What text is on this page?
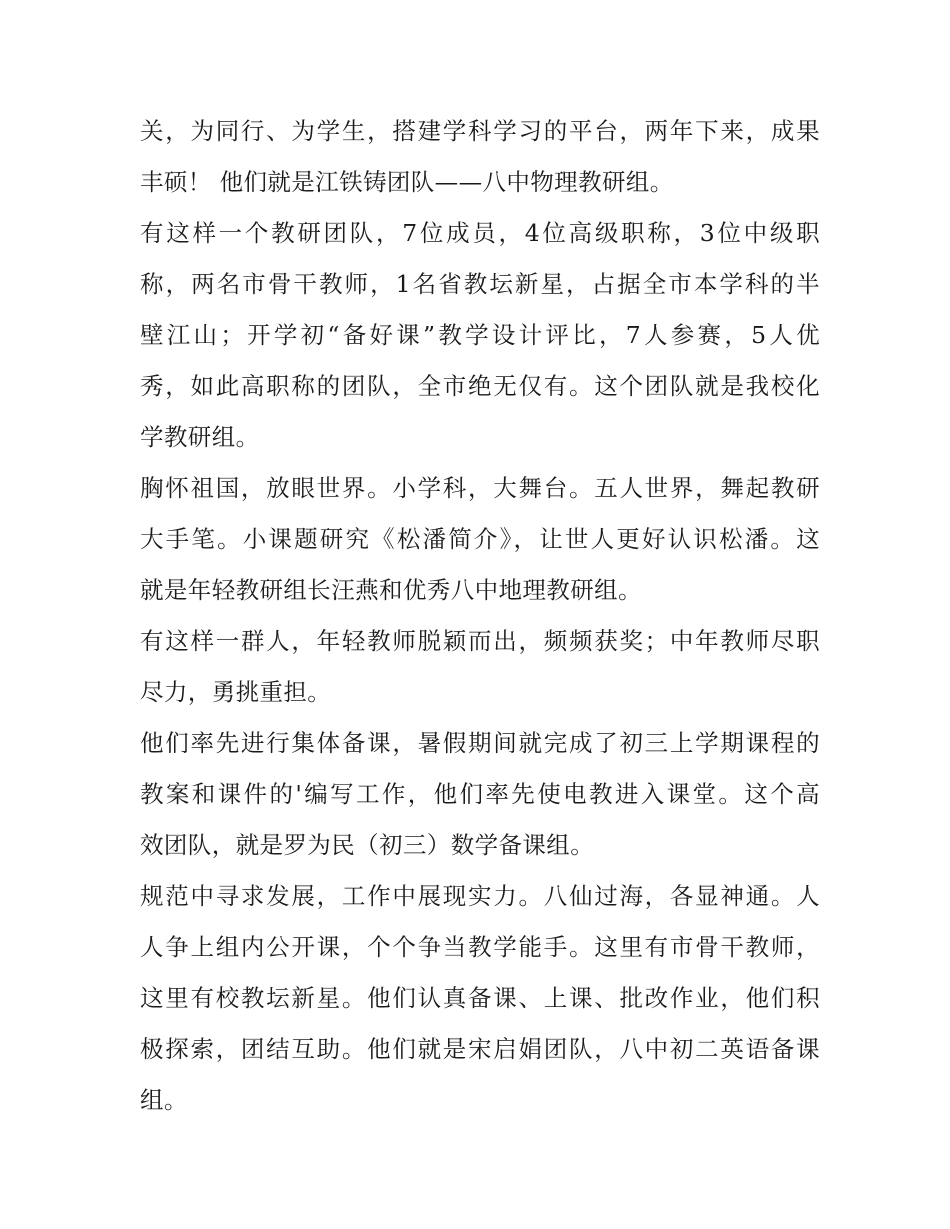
关，为同行、为学生，搭建学科学习的平台，两年下来，成果
丰硕！ 他们就是江铁铸团队——八中物理教研组。

有这样一个教研团队，7位成员，4位高级职称，3位中级职
称，两名市骨干教师，1名省教坛新星，占据全市本学科的半
壁江山；开学初“备好课”教学设计评比，7人参赛，5人优
秀，如此高职称的团队，全市绝无仅有。这个团队就是我校化
学教研组。

胸怀祖国，放眼世界。小学科，大舞台。五人世界，舞起教研
大手笔。小课题研究《松潘简介》，让世人更好认识松潘。这
就是年轻教研组长汪燕和优秀八中地理教研组。

有这样一群人，年轻教师脱颖而出，频频获奖；中年教师尽职
尽力，勇挑重担。

他们率先进行集体备课，暑假期间就完成了初三上学期课程的
教案和课件的'编写工作，他们率先使电教进入课堂。这个高
效团队，就是罗为民（初三）数学备课组。

规范中寻求发展，工作中展现实力。八仙过海，各显神通。人
人争上组内公开课，个个争当教学能手。这里有市骨干教师，
这里有校教坛新星。他们认真备课、上课、批改作业，他们积
极探索，团结互助。他们就是宋启娟团队，八中初二英语备课
组。
